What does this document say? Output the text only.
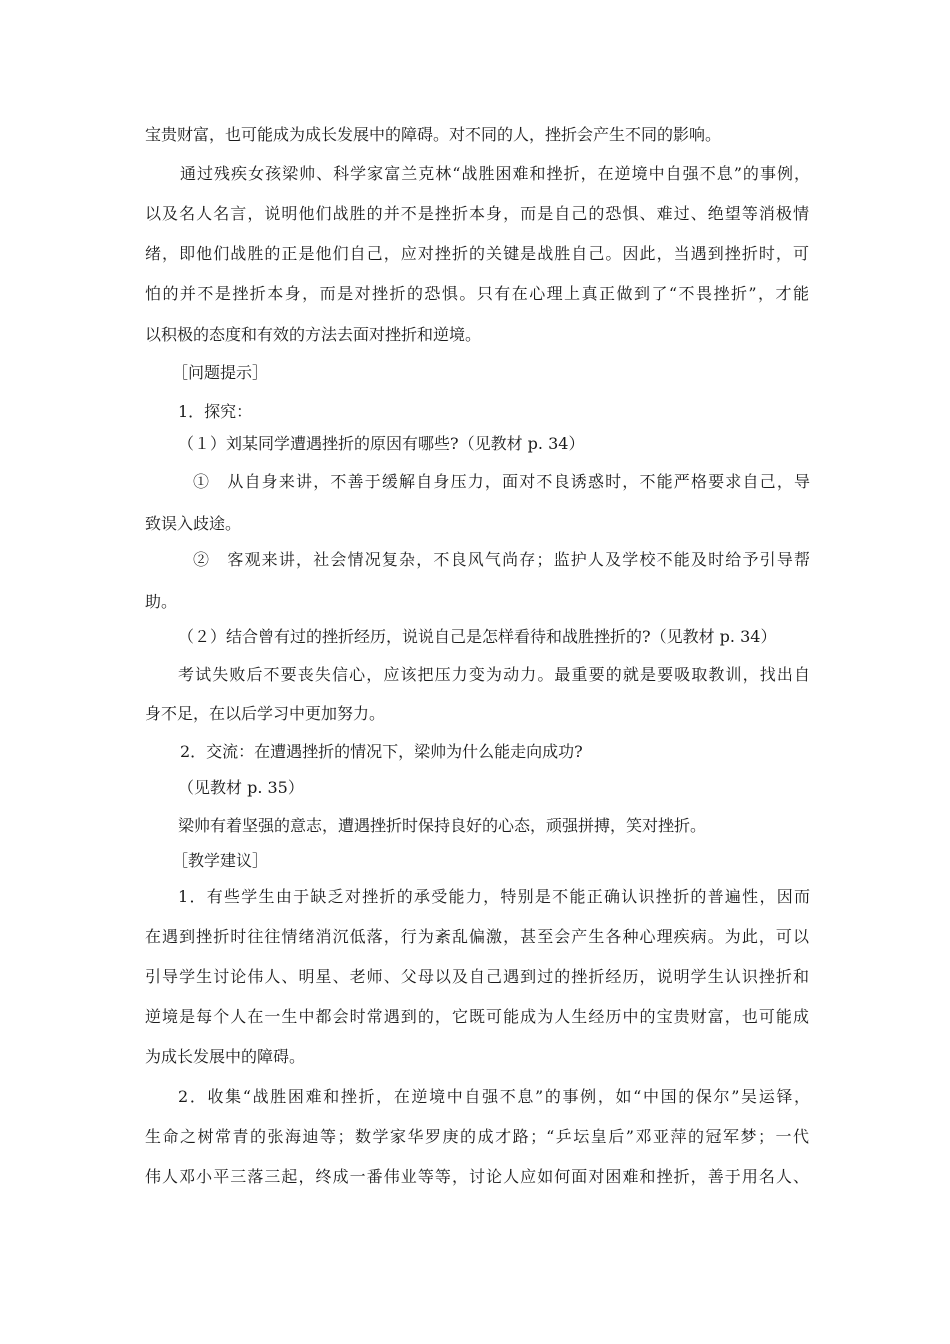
宝贵财富，也可能成为成长发展中的障碍。对不同的人，挫折会产生不同的影响。
通过残疾女孩梁帅、科学家富兰克林“战胜困难和挫折，在逆境中自强不息”的事例，
以及名人名言，说明他们战胜的并不是挫折本身，而是自己的恐惧、难过、绝望等消极情
绪，即他们战胜的正是他们自己，应对挫折的关键是战胜自己。因此，当遇到挫折时，可
怕的并不是挫折本身，而是对挫折的恐惧。只有在心理上真正做到了“不畏挫折”，才能
以积极的态度和有效的方法去面对挫折和逆境。
［问题提示］
1．探究：
（１）刘某同学遭遇挫折的原因有哪些?（见教材 p. 34）
①　从自身来讲，不善于缓解自身压力，面对不良诱惑时，不能严格要求自己，导
致误入歧途。
②　客观来讲，社会情况复杂，不良风气尚存；监护人及学校不能及时给予引导帮
助。
（２）结合曾有过的挫折经历，说说自己是怎样看待和战胜挫折的?（见教材 p. 34）
考试失败后不要丧失信心，应该把压力变为动力。最重要的就是要吸取教训，找出自
身不足，在以后学习中更加努力。
2．交流：在遭遇挫折的情况下，梁帅为什么能走向成功?
（见教材 p. 35）
梁帅有着坚强的意志，遭遇挫折时保持良好的心态，顽强拼搏，笑对挫折。
［教学建议］
1．有些学生由于缺乏对挫折的承受能力，特别是不能正确认识挫折的普遍性，因而
在遇到挫折时往往情绪消沉低落，行为紊乱偏激，甚至会产生各种心理疾病。为此，可以
引导学生讨论伟人、明星、老师、父母以及自己遇到过的挫折经历，说明学生认识挫折和
逆境是每个人在一生中都会时常遇到的，它既可能成为人生经历中的宝贵财富，也可能成
为成长发展中的障碍。
2．收集“战胜困难和挫折，在逆境中自强不息”的事例，如“中国的保尔”吴运铎，
生命之树常青的张海迪等；数学家华罗庚的成才路；“乒坛皇后”邓亚萍的冠军梦；一代
伟人邓小平三落三起，终成一番伟业等等，讨论人应如何面对困难和挫折，善于用名人、
